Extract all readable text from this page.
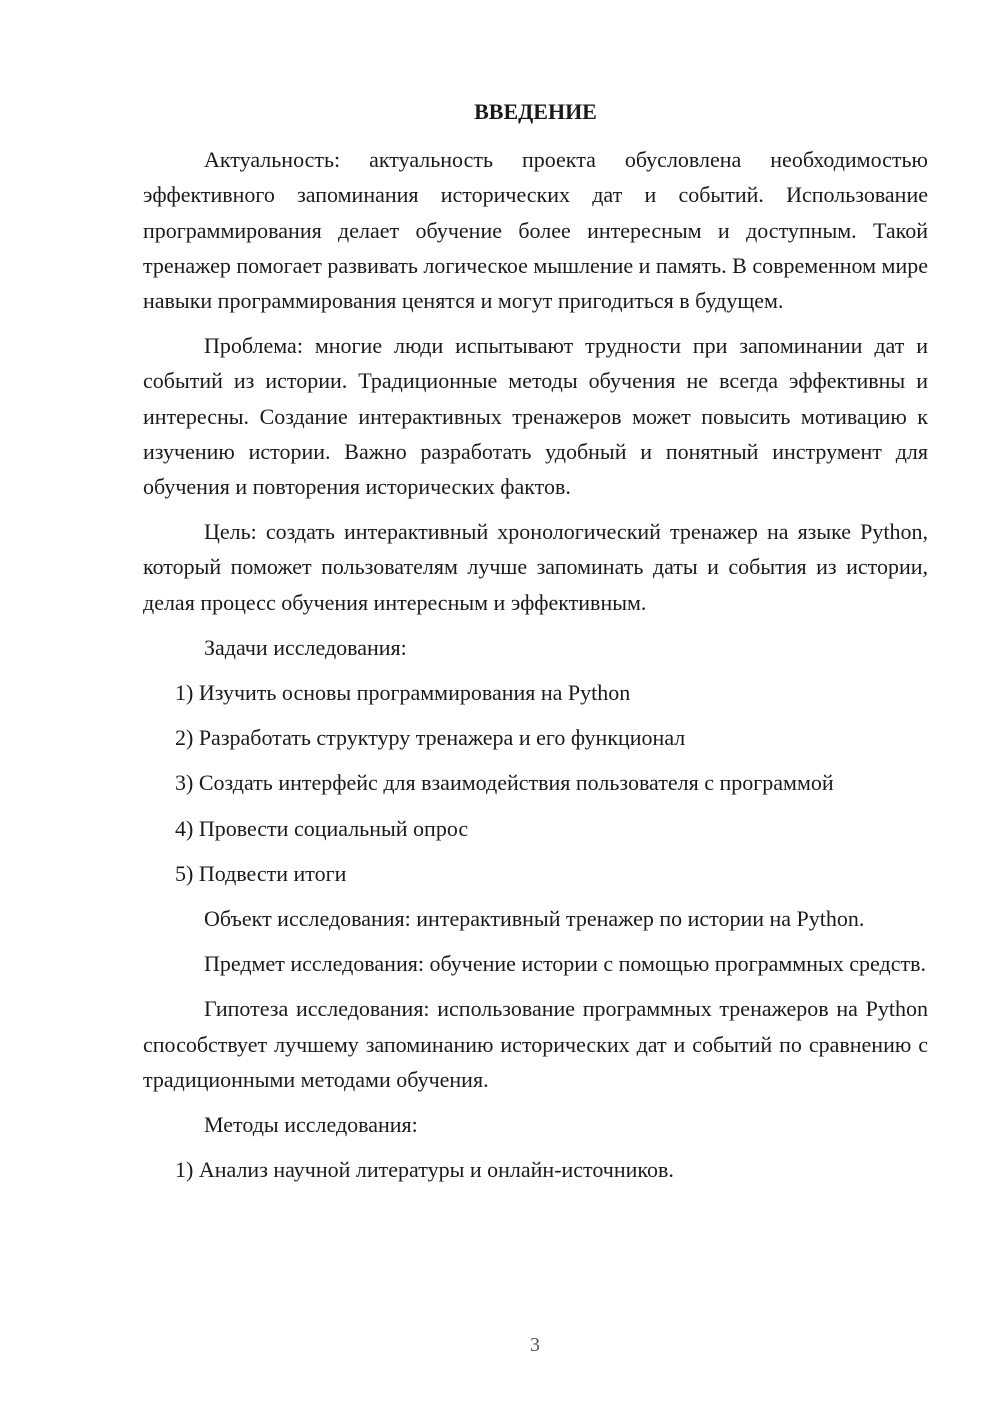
ВВЕДЕНИЕ

Актуальность: актуальность проекта обусловлена необходимостью эффективного запоминания исторических дат и событий. Использование программирования делает обучение более интересным и доступным. Такой тренажер помогает развивать логическое мышление и память. В современном мире навыки программирования ценятся и могут пригодиться в будущем.

Проблема: многие люди испытывают трудности при запоминании дат и событий из истории. Традиционные методы обучения не всегда эффективны и интересны. Создание интерактивных тренажеров может повысить мотивацию к изучению истории. Важно разработать удобный и понятный инструмент для обучения и повторения исторических фактов.

Цель: создать интерактивный хронологический тренажер на языке Python, который поможет пользователям лучше запоминать даты и события из истории, делая процесс обучения интересным и эффективным.

Задачи исследования:

1) Изучить основы программирования на Python
2) Разработать структуру тренажера и его функционал
3) Создать интерфейс для взаимодействия пользователя с программой
4) Провести социальный опрос
5) Подвести итоги

Объект исследования: интерактивный тренажер по истории на Python.

Предмет исследования: обучение истории с помощью программных средств.

Гипотеза исследования: использование программных тренажеров на Python способствует лучшему запоминанию исторических дат и событий по сравнению с традиционными методами обучения.

Методы исследования:

1) Анализ научной литературы и онлайн-источников.
3
